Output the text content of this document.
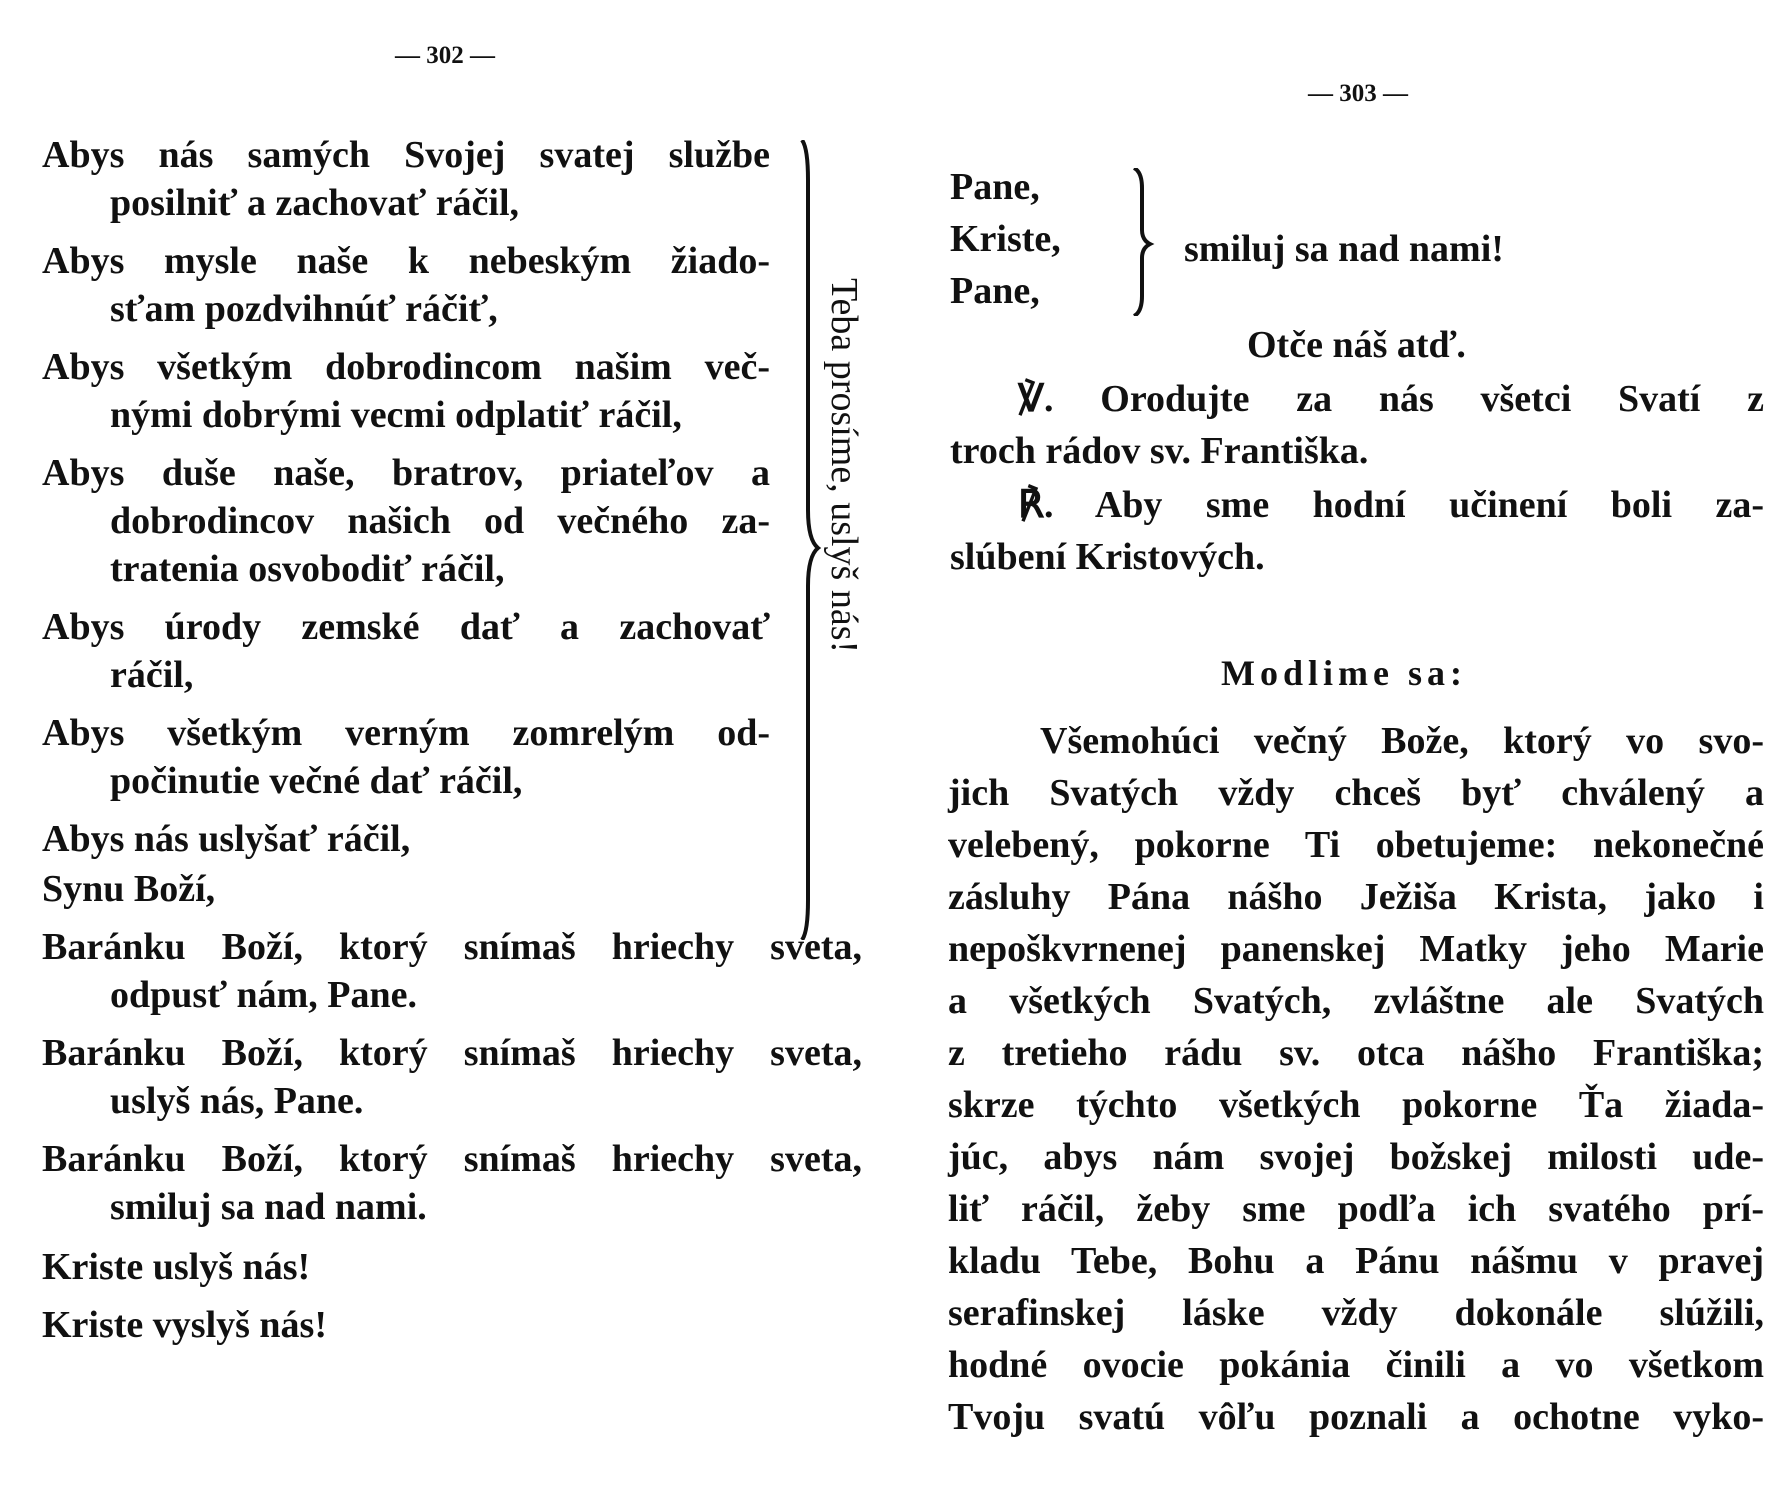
— 302 —
Abys nás samých Svojej svatej službe
posilniť a zachovať ráčil,
Abys mysle naše k nebeským žiado-
sťam pozdvihnúť ráčiť,
Abys všetkým dobrodincom našim več-
nými dobrými vecmi odplatiť ráčil,
Abys duše naše, bratrov, priateľov a
dobrodincov našich od večného za-
tratenia osvobodiť ráčil,
Abys úrody zemské dať a zachovať
ráčil,
Abys všetkým verným zomrelým od-
počinutie večné dať ráčil,
Abys nás uslyšať ráčil,
Synu Boží,
Teba prosíme, uslyš nás!
Baránku Boží, ktorý snímaš hriechy sveta,
odpusť nám, Pane.
Baránku Boží, ktorý snímaš hriechy sveta,
uslyš nás, Pane.
Baránku Boží, ktorý snímaš hriechy sveta,
smiluj sa nad nami.
Kriste uslyš nás!
Kriste vyslyš nás!
— 303 —
Pane,
Kriste,
Pane,
smiluj sa nad nami!
Otče náš atď.
℣. Orodujte za nás všetci Svatí z
troch rádov sv. Františka.
℟. Aby sme hodní učinení boli za-
slúbení Kristových.
Modlime sa:
Všemohúci večný Bože, ktorý vo svo-
jich Svatých vždy chceš byť chválený a
velebený, pokorne Ti obetujeme: nekonečné
zásluhy Pána nášho Ježiša Krista, jako i
nepoškvrnenej panenskej Matky jeho Marie
a všetkých Svatých, zvláštne ale Svatých
z tretieho rádu sv. otca nášho Františka;
skrze týchto všetkých pokorne Ťa žiada-
júc, abys nám svojej božskej milosti ude-
liť ráčil, žeby sme podľa ich svatého prí-
kladu Tebe, Bohu a Pánu nášmu v pravej
serafinskej láske vždy dokonále slúžili,
hodné ovocie pokánia činili a vo všetkom
Tvoju svatú vôľu poznali a ochotne vyko-
